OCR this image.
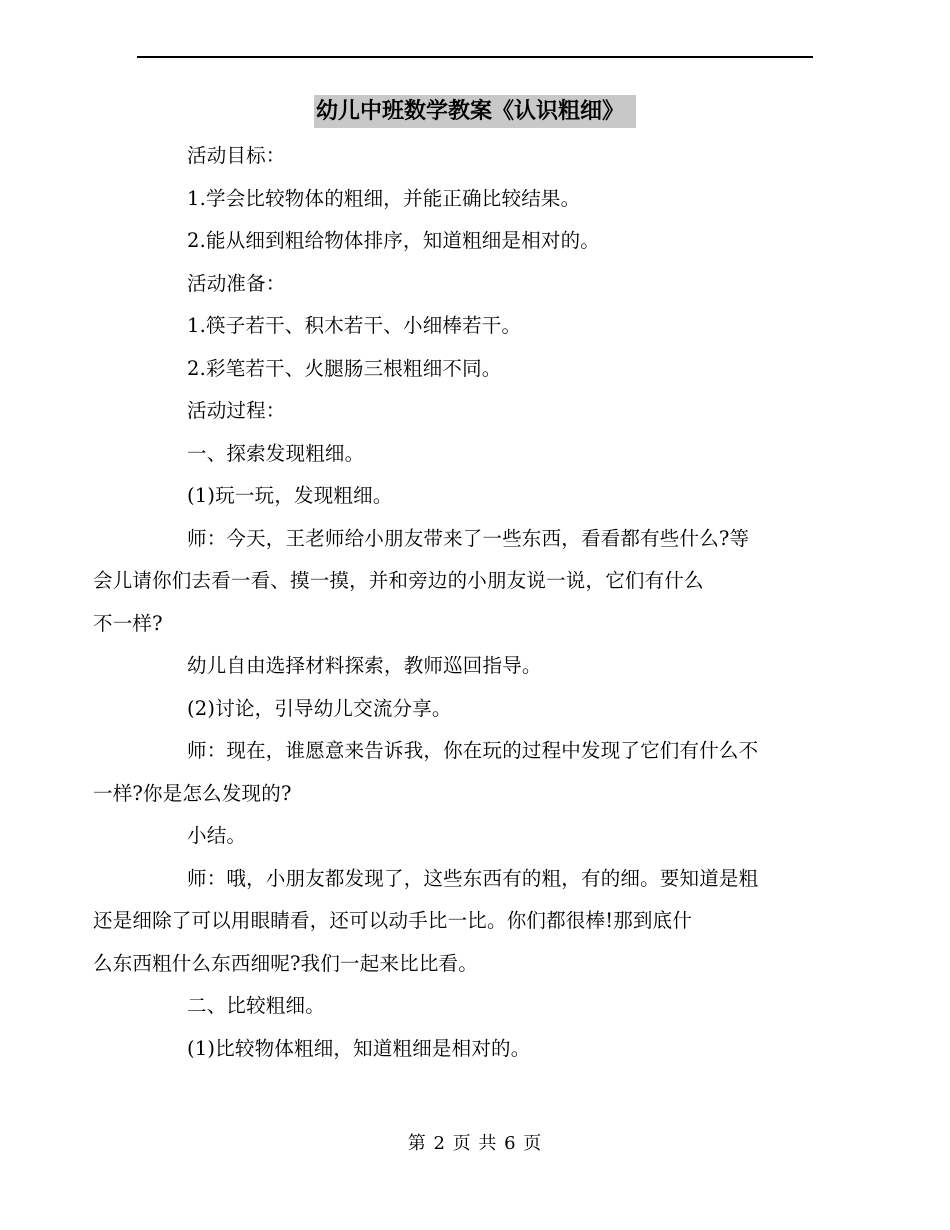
幼儿中班数学教案《认识粗细》

活动目标：

1.学会比较物体的粗细，并能正确比较结果。

2.能从细到粗给物体排序，知道粗细是相对的。

活动准备：

1.筷子若干、积木若干、小细棒若干。

2.彩笔若干、火腿肠三根粗细不同。

活动过程：

一、探索发现粗细。

(1)玩一玩，发现粗细。

师：今天，王老师给小朋友带来了一些东西，看看都有些什么?等
会儿请你们去看一看、摸一摸，并和旁边的小朋友说一说，它们有什么
不一样?

幼儿自由选择材料探索，教师巡回指导。

(2)讨论，引导幼儿交流分享。

师：现在，谁愿意来告诉我，你在玩的过程中发现了它们有什么不
一样?你是怎么发现的?

小结。

师：哦，小朋友都发现了，这些东西有的粗，有的细。要知道是粗
还是细除了可以用眼睛看，还可以动手比一比。你们都很棒!那到底什
么东西粗什么东西细呢?我们一起来比比看。

二、比较粗细。

(1)比较物体粗细，知道粗细是相对的。

第 2 页 共 6 页
